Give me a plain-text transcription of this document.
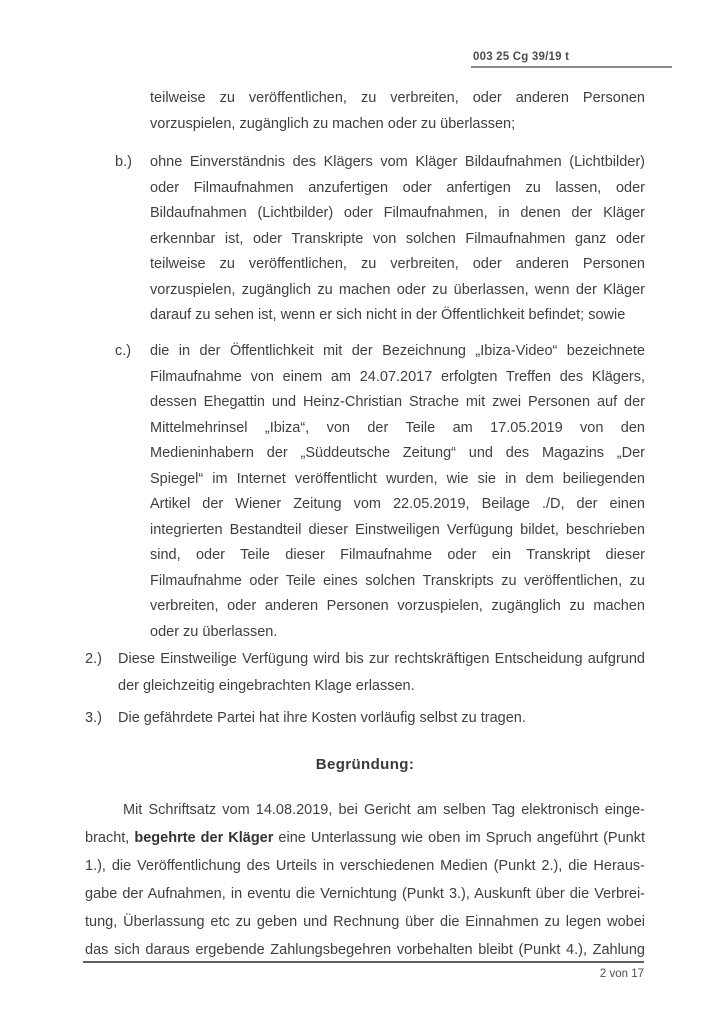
003 25 Cg 39/19 t
teilweise zu veröffentlichen, zu verbreiten, oder anderen Personen
vorzuspielen, zugänglich zu machen oder zu überlassen;
b.) ohne Einverständnis des Klägers vom Kläger Bildaufnahmen (Lichtbilder)
oder Filmaufnahmen anzufertigen oder anfertigen zu lassen, oder
Bildaufnahmen (Lichtbilder) oder Filmaufnahmen, in denen der Kläger
erkennbar ist, oder Transkripte von solchen Filmaufnahmen ganz oder
teilweise zu veröffentlichen, zu verbreiten, oder anderen Personen
vorzuspielen, zugänglich zu machen oder zu überlassen, wenn der Kläger
darauf zu sehen ist, wenn er sich nicht in der Öffentlichkeit befindet; sowie
c.) die in der Öffentlichkeit mit der Bezeichnung „Ibiza-Video“ bezeichnete
Filmaufnahme von einem am 24.07.2017 erfolgten Treffen des Klägers,
dessen Ehegattin und Heinz-Christian Strache mit zwei Personen auf der
Mittelmehrinsel „Ibiza“, von der Teile am 17.05.2019 von den
Medieninhabern der „Süddeutsche Zeitung“ und des Magazins „Der
Spiegel“ im Internet veröffentlicht wurden, wie sie in dem beiliegenden
Artikel der Wiener Zeitung vom 22.05.2019, Beilage ./D, der einen
integrierten Bestandteil dieser Einstweiligen Verfügung bildet, beschrieben
sind, oder Teile dieser Filmaufnahme oder ein Transkript dieser
Filmaufnahme oder Teile eines solchen Transkripts zu veröffentlichen, zu
verbreiten, oder anderen Personen vorzuspielen, zugänglich zu machen
oder zu überlassen.
2.) Diese Einstweilige Verfügung wird bis zur rechtskräftigen Entscheidung aufgrund
der gleichzeitig eingebrachten Klage erlassen.
3.) Die gefährdete Partei hat ihre Kosten vorläufig selbst zu tragen.
Begründung:
Mit Schriftsatz vom 14.08.2019, bei Gericht am selben Tag elektronisch einge-
bracht, begehrte der Kläger eine Unterlassung wie oben im Spruch angeführt (Punkt
1.), die Veröffentlichung des Urteils in verschiedenen Medien (Punkt 2.), die Heraus-
gabe der Aufnahmen, in eventu die Vernichtung (Punkt 3.), Auskunft über die Verbrei-
tung, Überlassung etc zu geben und Rechnung über die Einnahmen zu legen wobei
das sich daraus ergebende Zahlungsbegehren vorbehalten bleibt (Punkt 4.), Zahlung
2 von 17
